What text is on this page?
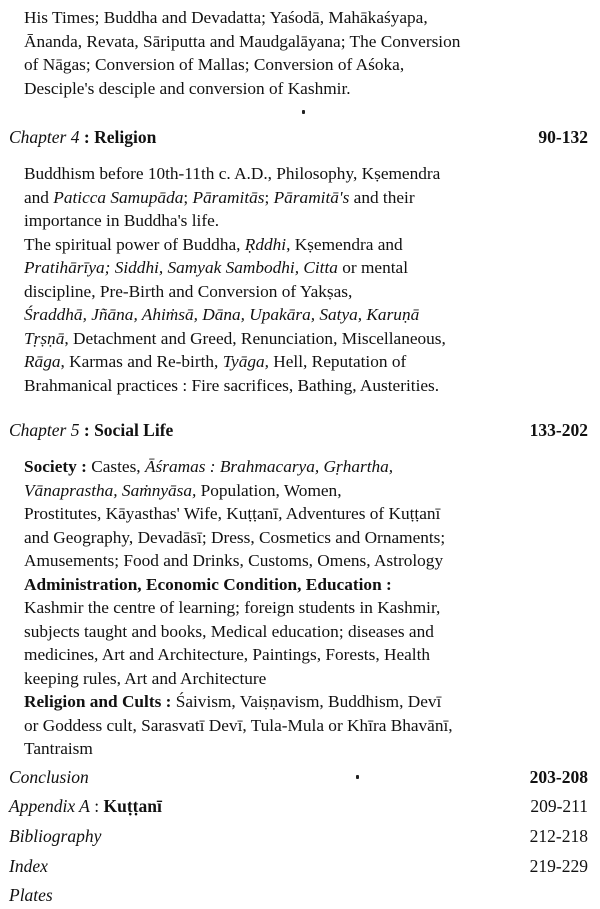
His Times; Buddha and Devadatta; Yaśodā, Mahākaśyapa,
Ānanda, Revata, Sāriputta and Maudgalāyana; The Conversion
of Nāgas; Conversion of Mallas; Conversion of Aśoka,
Desciple's desciple and conversion of Kashmir.
Chapter 4 : Religion	90-132
Buddhism before 10th-11th c. A.D., Philosophy, Kṣemendra
and Paticca Samupāda; Pāramitās; Pāramitā's and their
importance in Buddha's life.
The spiritual power of Buddha, Ṛddhi, Kṣemendra and
Pratihārīya; Siddhi, Samyak Sambodhi, Citta or mental
discipline, Pre-Birth and Conversion of Yakṣas,
Śraddhā, Jñāna, Ahiṁsā, Dāna, Upakāra, Satya, Karuṇā
Tṛṣṇā, Detachment and Greed, Renunciation, Miscellaneous,
Rāga, Karmas and Re-birth, Tyāga, Hell, Reputation of
Brahmanical practices : Fire sacrifices, Bathing, Austerities.
Chapter 5 : Social Life	133-202
Society : Castes, Āśramas : Brahmacarya, Gṛhartha,
Vānaprastha, Saṁnyāsa, Population, Women,
Prostitutes, Kāyasthas' Wife, Kuṭṭanī, Adventures of Kuṭṭanī
and Geography, Devadāsī; Dress, Cosmetics and Ornaments;
Amusements; Food and Drinks, Customs, Omens, Astrology
Administration, Economic Condition, Education :
Kashmir the centre of learning; foreign students in Kashmir,
subjects taught and books, Medical education; diseases and
medicines, Art and Architecture, Paintings, Forests, Health
keeping rules, Art and Architecture
Religion and Cults : Śaivism, Vaiṣṇavism, Buddhism, Devī
or Goddess cult, Sarasvatī Devī, Tula-Mula or Khīra Bhavānī,
Tantraism
Conclusion	203-208
Appendix A : Kuṭṭanī	209-211
Bibliography	212-218
Index	219-229
Plates
